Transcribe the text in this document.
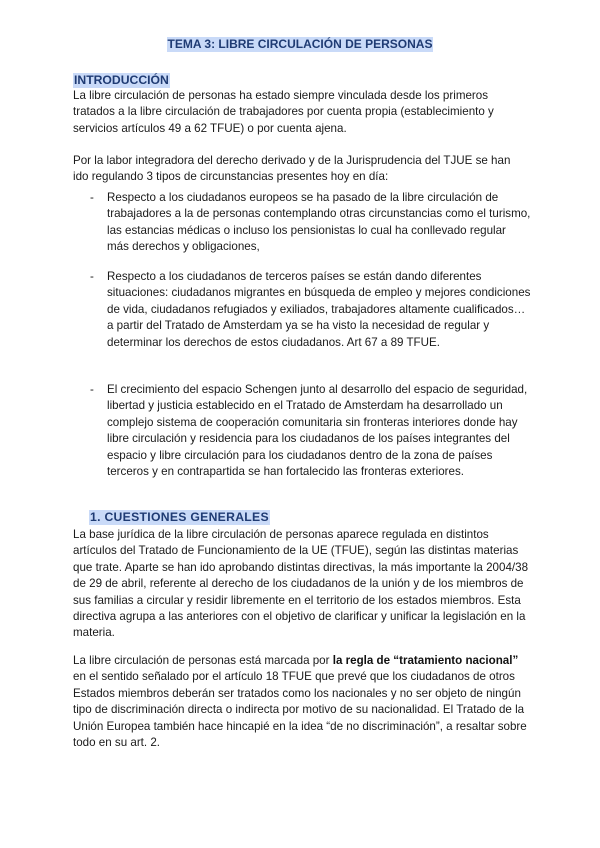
TEMA 3: LIBRE CIRCULACIÓN DE PERSONAS
INTRODUCCIÓN

La libre circulación de personas ha estado siempre vinculada desde los primeros tratados a la libre circulación de trabajadores por cuenta propia (establecimiento y servicios artículos 49 a 62 TFUE) o por cuenta ajena.

Por la labor integradora del derecho derivado y de la Jurisprudencia del TJUE se han ido regulando 3 tipos de circunstancias presentes hoy en día:

- Respecto a los ciudadanos europeos se ha pasado de la libre circulación de trabajadores a la de personas contemplando otras circunstancias como el turismo, las estancias médicas o incluso los pensionistas lo cual ha conllevado regular más derechos y obligaciones,
- Respecto a los ciudadanos de terceros países se están dando diferentes situaciones: ciudadanos migrantes en búsqueda de empleo y mejores condiciones de vida, ciudadanos refugiados y exiliados, trabajadores altamente cualificados…a partir del Tratado de Amsterdam ya se ha visto la necesidad de regular y determinar los derechos de estos ciudadanos. Art 67 a 89 TFUE.
- El crecimiento del espacio Schengen junto al desarrollo del espacio de seguridad, libertad y justicia establecido en el Tratado de Amsterdam ha desarrollado un complejo sistema de cooperación comunitaria sin fronteras interiores donde hay libre circulación y residencia para los ciudadanos de los países integrantes del espacio y libre circulación para los ciudadanos dentro de la zona de países terceros y en contrapartida se han fortalecido las fronteras exteriores.
1. CUESTIONES GENERALES

La base jurídica de la libre circulación de personas aparece regulada en distintos artículos del Tratado de Funcionamiento de la UE (TFUE), según las distintas materias que trate. Aparte se han ido aprobando distintas directivas, la más importante la 2004/38 de 29 de abril, referente al derecho de los ciudadanos de la unión y de los miembros de sus familias a circular y residir libremente en el territorio de los estados miembros. Esta directiva agrupa a las anteriores con el objetivo de clarificar y unificar la legislación en la materia.

La libre circulación de personas está marcada por la regla de “tratamiento nacional” en el sentido señalado por el artículo 18 TFUE que prevé que los ciudadanos de otros Estados miembros deberán ser tratados como los nacionales y no ser objeto de ningún tipo de discriminación directa o indirecta por motivo de su nacionalidad. El Tratado de la Unión Europea también hace hincapié en la idea “de no discriminación”, a resaltar sobre todo en su art. 2.
